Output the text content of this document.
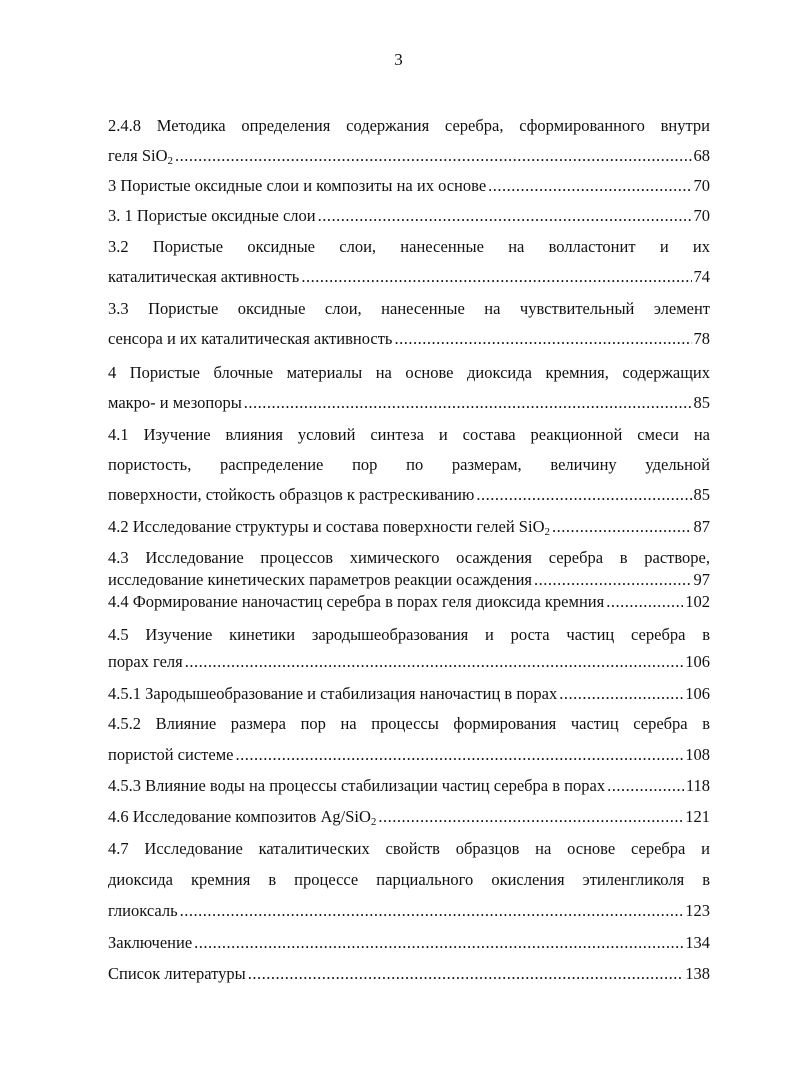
3
2.4.8 Методика определения содержания серебра, сформированного внутри
геля SiO$_2$ .....	68
3 Пористые оксидные слои и композиты на их основе .....	70
3. 1 Пористые оксидные слои .....	70
3.2 Пористые оксидные слои, нанесенные на волластонит и их
каталитическая активность .....	74
3.3 Пористые оксидные слои, нанесенные на чувствительный элемент
сенсора и их каталитическая активность .....	78
4 Пористые блочные материалы на основе диоксида кремния, содержащих
макро- и мезопоры .....	85
4.1 Изучение влияния условий синтеза и состава реакционной смеси на
пористость, распределение пор по размерам, величину удельной
поверхности, стойкость образцов к растрескиванию .....	85
4.2 Исследование структуры и состава поверхности гелей SiO$_2$ .....	87
4.3 Исследование процессов химического осаждения серебра в растворе,
исследование кинетических параметров реакции осаждения .....	97
4.4 Формирование наночастиц серебра в порах геля диоксида кремния .....	102
4.5 Изучение кинетики зародышеобразования и роста частиц серебра в
порах геля .....	106
4.5.1 Зародышеобразование и стабилизация наночастиц в порах .....	106
4.5.2 Влияние размера пор на процессы формирования частиц серебра в
пористой системе .....	108
4.5.3 Влияние воды на процессы стабилизации частиц серебра в порах .....	118
4.6 Исследование композитов Ag/SiO$_2$ .....	121
4.7 Исследование каталитических свойств образцов на основе серебра и
диоксида кремния в процессе парциального окисления этиленгликоля в
глиоксаль .....	123
Заключение .....	134
Список литературы .....	138
